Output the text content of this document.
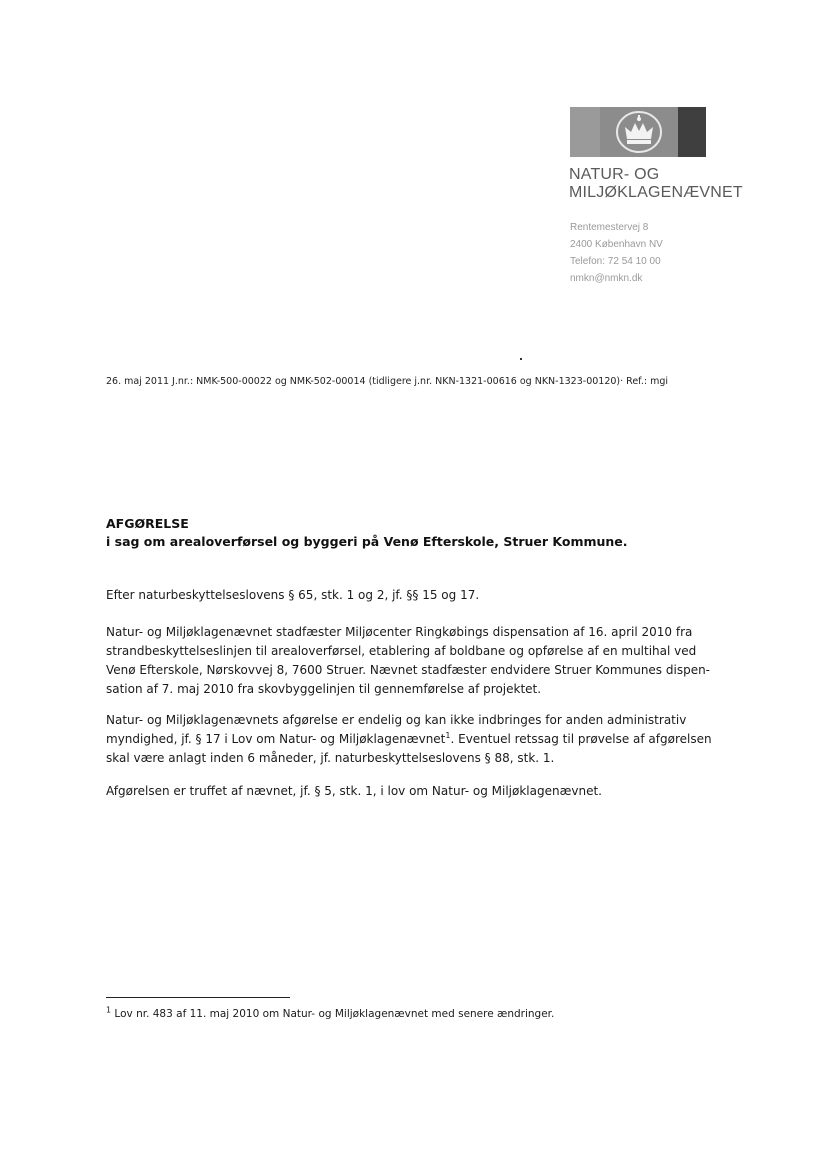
NATUR- OG
MILJØKLAGENÆVNET
Rentemestervej 8
2400 København NV
Telefon: 72 54 10 00
nmkn@nmkn.dk
26. maj 2011 J.nr.: NMK-500-00022 og NMK-502-00014 (tidligere j.nr. NKN-1321-00616 og NKN-1323-00120)· Ref.: mgi
AFGØRELSE
i sag om arealoverførsel og byggeri på Venø Efterskole, Struer Kommune.
Efter naturbeskyttelseslovens § 65, stk. 1 og 2, jf. §§ 15 og 17.
Natur- og Miljøklagenævnet stadfæster Miljøcenter Ringkøbings dispensation af 16. april 2010 fra
strandbeskyttelseslinjen til arealoverførsel, etablering af boldbane og opførelse af en multihal ved
Venø Efterskole, Nørskovvej 8, 7600 Struer. Nævnet stadfæster endvidere Struer Kommunes dispen-
sation af 7. maj 2010 fra skovbyggelinjen til gennemførelse af projektet.
Natur- og Miljøklagenævnets afgørelse er endelig og kan ikke indbringes for anden administrativ
myndighed, jf. § 17 i Lov om Natur- og Miljøklagenævnet$^1$. Eventuel retssag til prøvelse af afgørelsen
skal være anlagt inden 6 måneder, jf. naturbeskyttelseslovens § 88, stk. 1.
Afgørelsen er truffet af nævnet, jf. § 5, stk. 1, i lov om Natur- og Miljøklagenævnet.
$^1$ Lov nr. 483 af 11. maj 2010 om Natur- og Miljøklagenævnet med senere ændringer.
